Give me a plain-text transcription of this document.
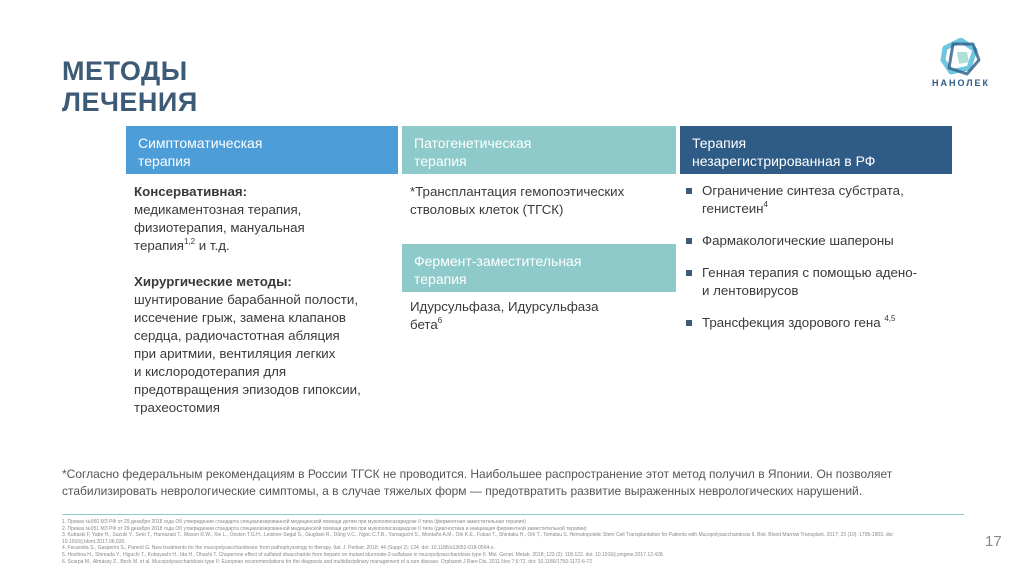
МЕТОДЫ
ЛЕЧЕНИЯ
НАНОЛЕК
Симптоматическая
терапия
Патогенетическая
терапия
Терапия
незарегистрированная в РФ
Фермент-заместительная
терапия
Консервативная:
медикаментозная терапия,
физиотерапия, мануальная
терапия$^{1,2}$ и т.д.
Хирургические методы:
шунтирование барабанной полости,
иссечение грыж, замена клапанов
сердца, радиочастотная абляция
при аритмии, вентиляция легких
и кислородотерапия для
предотвращения эпизодов гипоксии,
трахеостомия
*Трансплантация гемопоэтических
стволовых клеток (ТГСК)
Идурсульфаза, Идурсульфаза
бета$^6$
Ограничение синтеза субстрата,
генистеин$^4$
Фармакологические шапероны
Генная терапия с помощью адено-
и лентовирусов
Трансфекция здорового гена $^{4,5}$
*Согласно федеральным рекомендациям в России ТГСК не проводится. Наибольшее распространение этот метод получил в Японии. Он позволяет
стабилизировать неврологические симптомы, а в случае тяжелых форм — предотвратить развитие выраженных неврологических нарушений.
1. Приказ №950 МЗ РФ от 29 декабря 2018 года Об утверждении стандарта специализированной медицинской помощи детям при мукополисахаридозе II типа (ферментная заместительная терапия)
2. Приказ №951 МЗ РФ от 29 декабря 2018 года Об утверждении стандарта специализированной медицинской помощи детям при мукополисахаридозе II типа (диагностика и инициация ферментной заместительной терапии)
3. Kubaski F, Yabe H., Suzuki Y., Seto T., Hamazaki T., Mason R.W., Xie L., Onsten T.G.H., Leistner-Segal S., Giugliani R., Dũng V.C., Ngoc C.T.B., Yamaguchi S., Montaño A.M., Orii K.E., Fukao T., Shintaku H., Orii T., Tomatsu S. Hematopoietic Stem Cell Transplantation for Patients with Mucopolysaccharidosis II. Biol. Blood Marrow Transplant. 2017; 23 (10): 1795-1803. doi: 10.1016/j.bbmt.2017.06.020.
4. Fecarotta S., Gasperini S., Parenti G. New treatments for the mucopolysaccharidoses: from pathophysiology to therapy. Ital. J. Pediatr. 2018; 44 (Suppl 2): 124. doi: 10.1186/s13052-018-0564-z.
5. Hoshina H., Shimada Y., Higuchi T., Kobayashi H., Ida H., Ohashi T. Chaperone effect of sulfated disaccharide from heparin on mutant iduronate-2-sulfatase in mucopolysaccharidosis type II. Mol. Genet. Metab. 2018; 123 (2): 118-122. doi: 10.1016/j.ymgme.2017.12.428.
6. Scarpa M., Almássy Z., Beck M. et al. Mucopolysaccharidosis type II: European recommendations for the diagnosis and multidisciplinary management of a rare disease. Orphanet J Rare Dis. 2011 Nov 7;6:72. doi: 10.1186/1750-1172-6-72
17
